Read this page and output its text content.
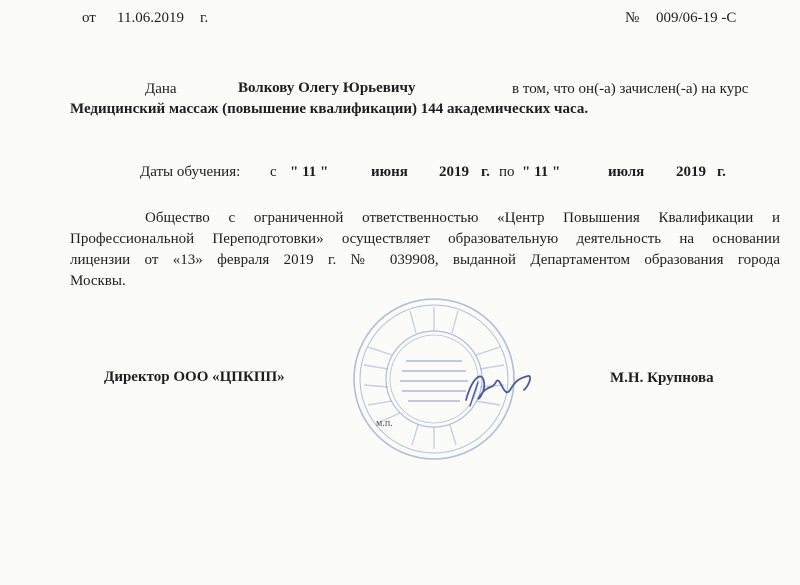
от 11.06.2019 г.	№ 009/06-19 -С
Дана	Волкову Олегу Юрьевичу	в том, что он(-а) зачислен(-а) на курс
Медицинский массаж (повышение квалификации) 144 академических часа.
Даты обучения: с " 11 "	июня 2019 г. по " 11 "	июля 2019 г.
Общество с ограниченной ответственностью «Центр Повышения Квалификации и
Профессиональной Переподготовки» осуществляет образовательную деятельность на основании
лицензии от «13» февраля 2019 г. № 039908, выданной Департаментом образования города
Москвы.
Директор ООО «ЦПКПП»	М.Н. Крупнова
м.п.
